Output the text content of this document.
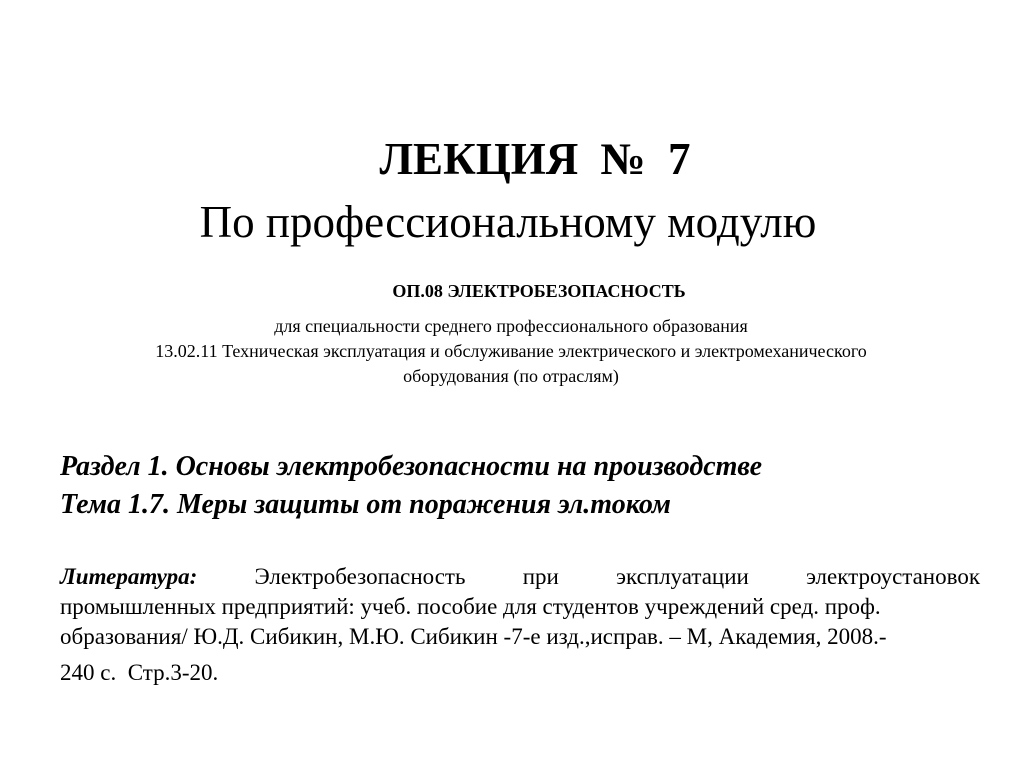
ЛЕКЦИЯ №  7
По профессиональному модулю
ОП.08 ЭЛЕКТРОБЕЗОПАСНОСТЬ
для специальности среднего профессионального образования
13.02.11 Техническая эксплуатация и обслуживание электрического и электромеханического
оборудования (по отраслям)
Раздел 1. Основы электробезопасности на производстве
Тема 1.7. Меры защиты от поражения эл.током
Литература: Электробезопасность при эксплуатации электроустановок
промышленных предприятий: учеб. пособие для студентов учреждений сред. проф.
образования/ Ю.Д. Сибикин, М.Ю. Сибикин -7-е изд.,исправ. – М, Академия, 2008.-
240 с.  Стр.3-20.
